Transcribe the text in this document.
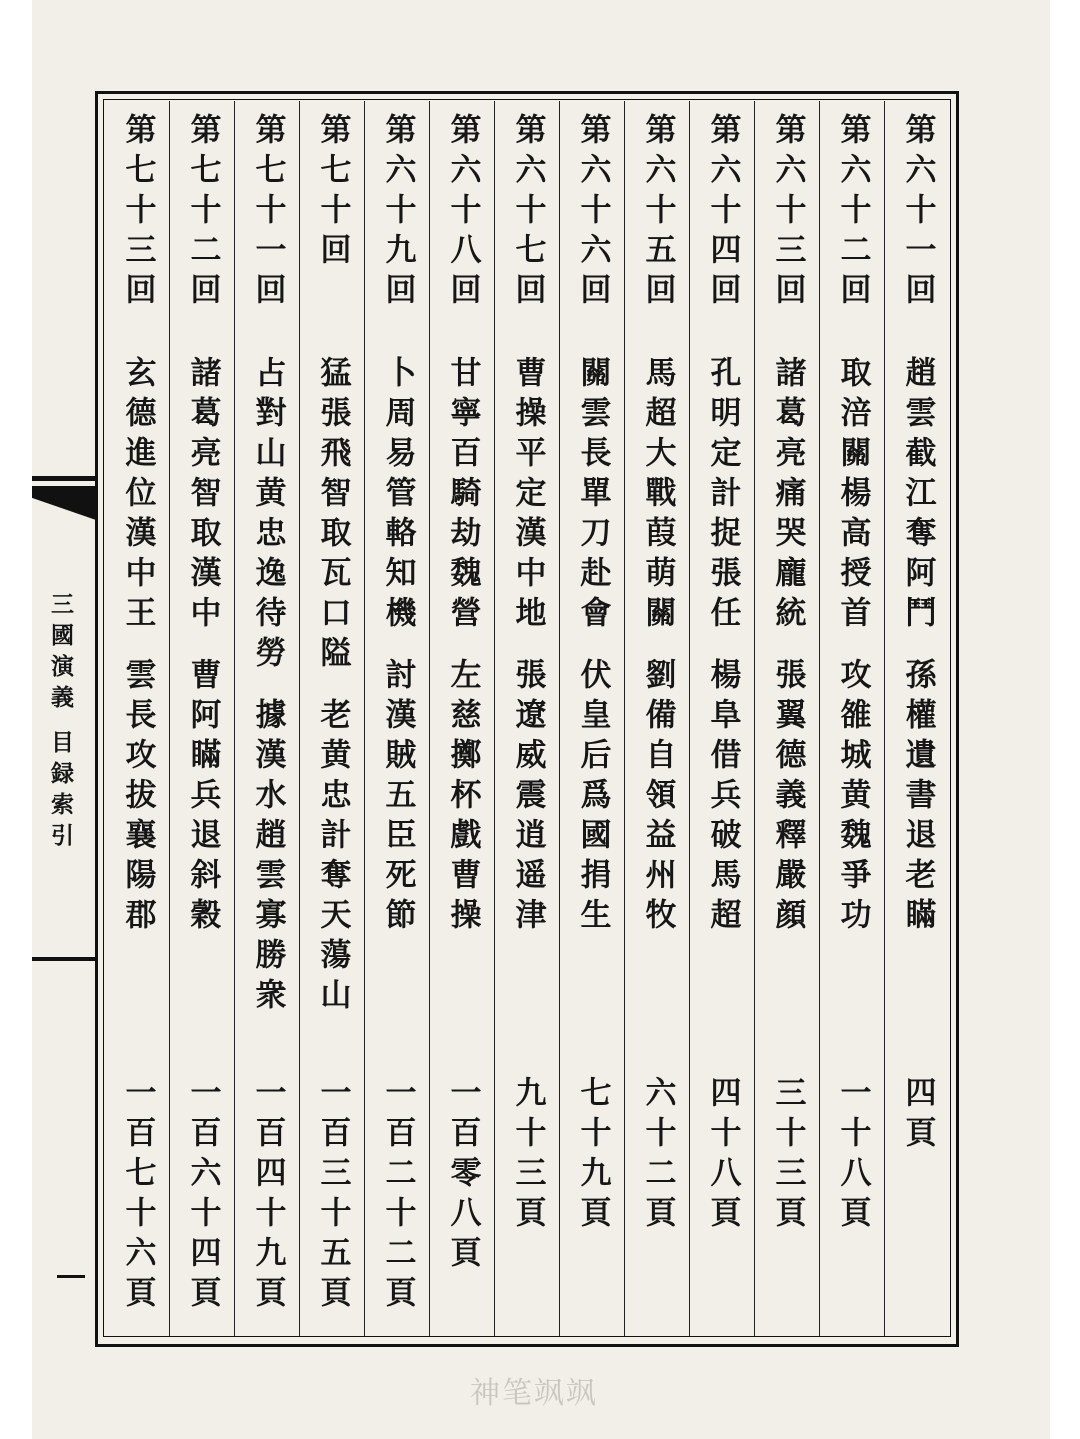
三國演義目録索引
第六十一回
趙雲截江奪阿鬥孫權遺書退老瞞
四頁
第六十二回
取涪關楊高授首攻雒城黄魏爭功
一十八頁
第六十三回
諸葛亮痛哭龐統張翼德義釋嚴顔
三十三頁
第六十四回
孔明定計捉張任楊阜借兵破馬超
四十八頁
第六十五回
馬超大戰葭萌關劉備自領益州牧
六十二頁
第六十六回
關雲長單刀赴會伏皇后爲國捐生
七十九頁
第六十七回
曹操平定漢中地張遼威震逍遥津
九十三頁
第六十八回
甘寧百騎劫魏營左慈擲杯戲曹操
一百零八頁
第六十九回
卜周易管輅知機討漢賊五臣死節
一百二十二頁
第七十回
猛張飛智取瓦口隘老黄忠計奪天蕩山
一百三十五頁
第七十一回
占對山黄忠逸待勞據漢水趙雲寡勝衆
一百四十九頁
第七十二回
諸葛亮智取漢中曹阿瞞兵退斜穀
一百六十四頁
第七十三回
玄德進位漢中王雲長攻拔襄陽郡
一百七十六頁
神笔飒飒
